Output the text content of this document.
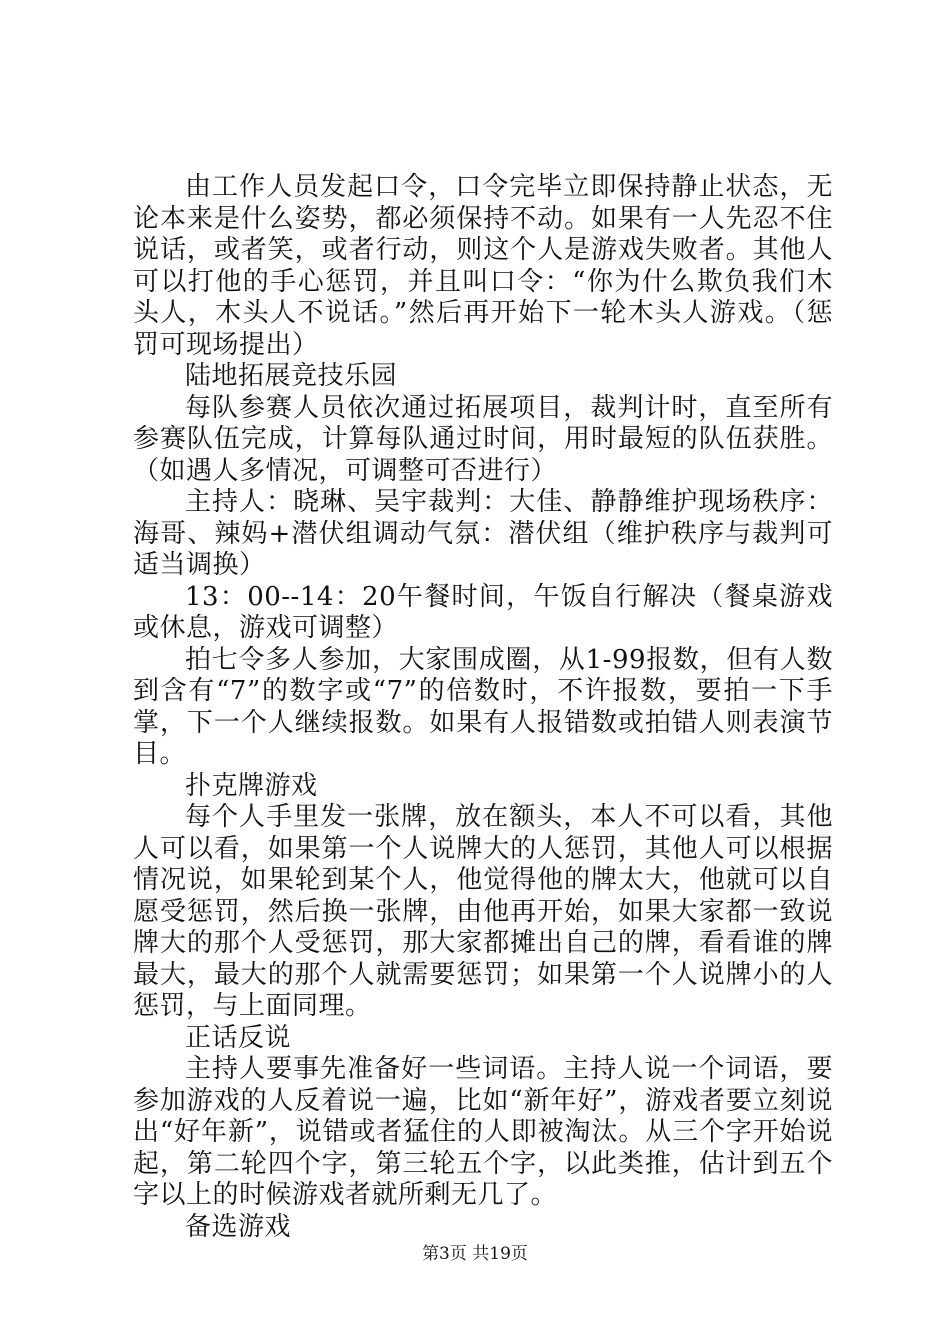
由工作人员发起口令，口令完毕立即保持静止状态，无论本来是什么姿势，都必须保持不动。如果有一人先忍不住说话，或者笑，或者行动，则这个人是游戏失败者。其他人可以打他的手心惩罚，并且叫口令：“你为什么欺负我们木头人，木头人不说话。”然后再开始下一轮木头人游戏。（惩罚可现场提出）

陆地拓展竞技乐园

每队参赛人员依次通过拓展项目，裁判计时，直至所有参赛队伍完成，计算每队通过时间，用时最短的队伍获胜。（如遇人多情况，可调整可否进行）

主持人：晓琳、吴宇裁判：大佳、静静维护现场秩序：海哥、辣妈+潜伏组调动气氛：潜伏组（维护秩序与裁判可适当调换）

13：00--14：20午餐时间，午饭自行解决（餐桌游戏或休息，游戏可调整）

拍七令多人参加，大家围成圈，从1-99报数，但有人数到含有“7”的数字或“7”的倍数时，不许报数，要拍一下手掌，下一个人继续报数。如果有人报错数或拍错人则表演节目。

扑克牌游戏

每个人手里发一张牌，放在额头，本人不可以看，其他人可以看，如果第一个人说牌大的人惩罚，其他人可以根据情况说，如果轮到某个人，他觉得他的牌太大，他就可以自愿受惩罚，然后换一张牌，由他再开始，如果大家都一致说牌大的那个人受惩罚，那大家都摊出自己的牌，看看谁的牌最大，最大的那个人就需要惩罚；如果第一个人说牌小的人惩罚，与上面同理。

正话反说

主持人要事先准备好一些词语。主持人说一个词语，要参加游戏的人反着说一遍，比如“新年好”，游戏者要立刻说出“好年新”，说错或者猛住的人即被淘汰。从三个字开始说起，第二轮四个字，第三轮五个字，以此类推，估计到五个字以上的时候游戏者就所剩无几了。

备选游戏

第3页 共19页
